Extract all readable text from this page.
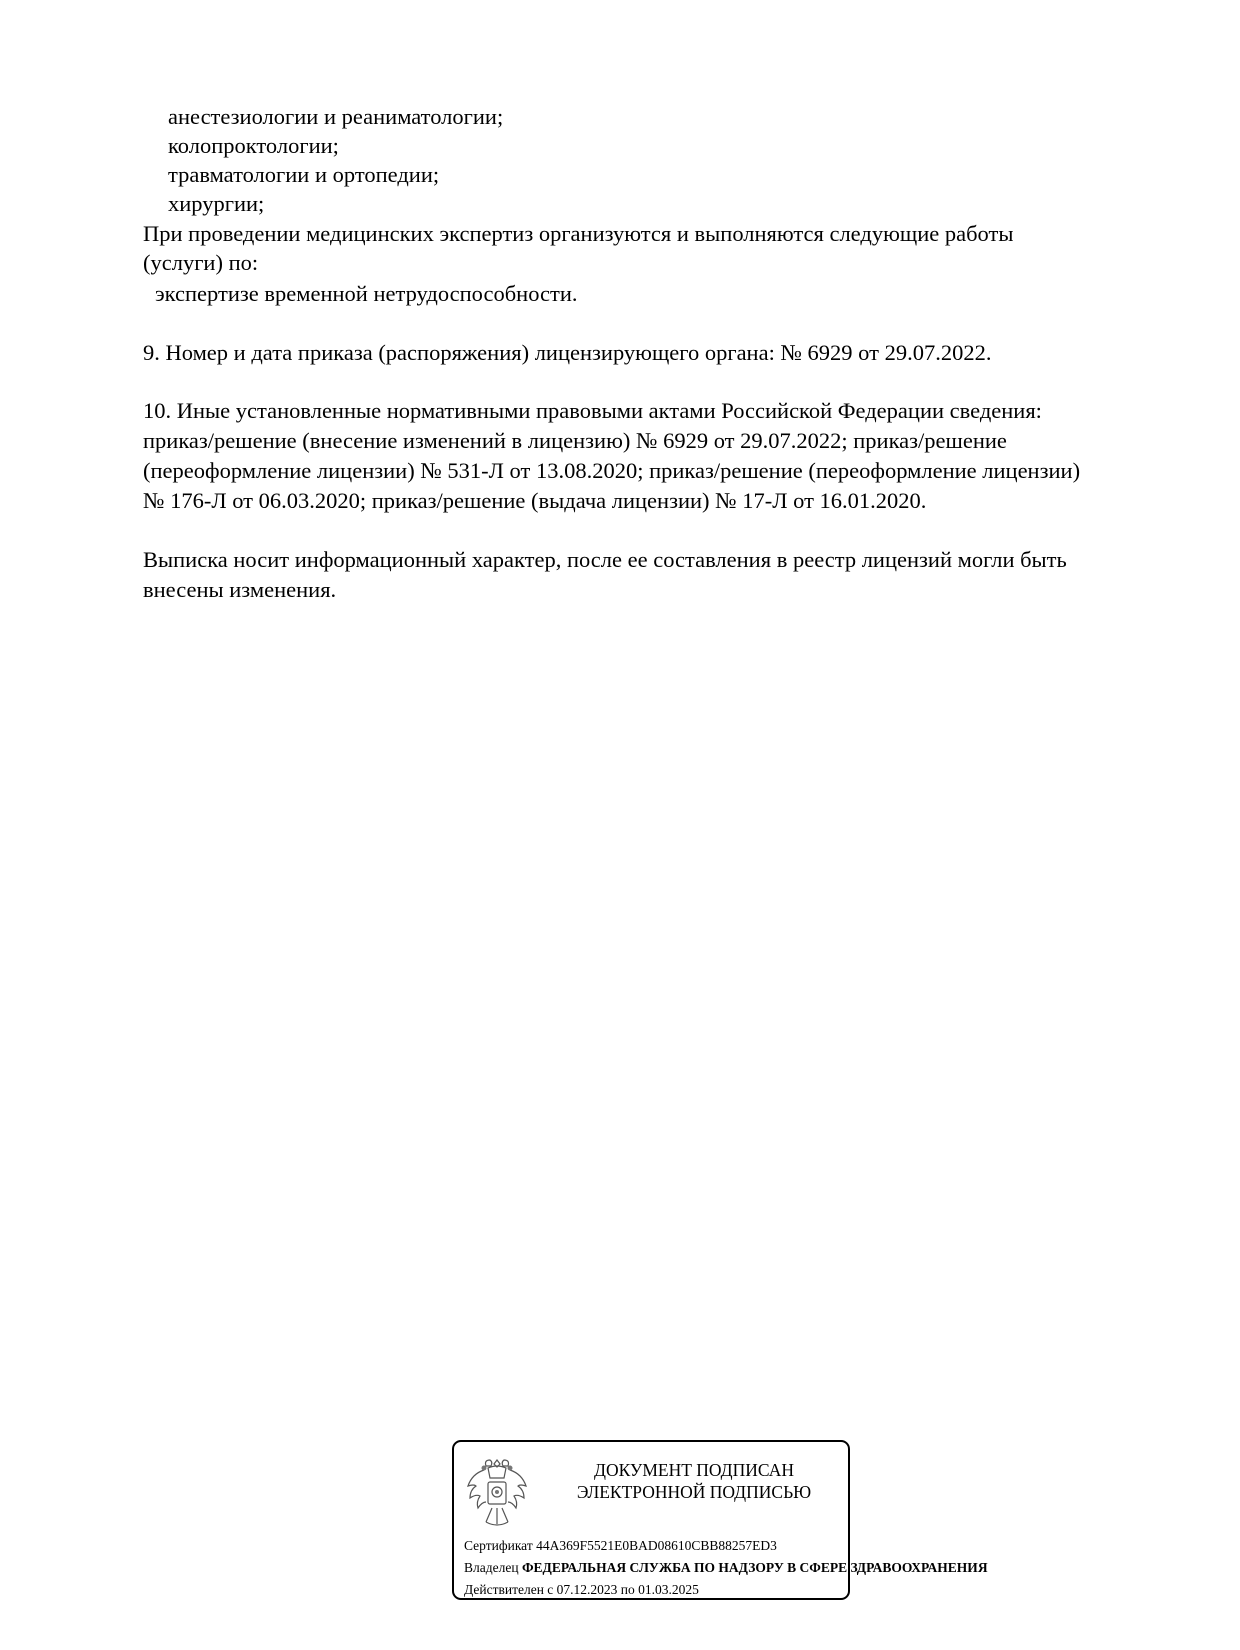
анестезиологии и реаниматологии;
колопроктологии;
травматологии и ортопедии;
хирургии;
При проведении медицинских экспертиз организуются и выполняются следующие работы
(услуги) по:
экспертизе временной нетрудоспособности.
9. Номер и дата приказа (распоряжения) лицензирующего органа: № 6929 от 29.07.2022.
10. Иные установленные нормативными правовыми актами Российской Федерации сведения:
приказ/решение (внесение изменений в лицензию) № 6929 от 29.07.2022; приказ/решение
(переоформление лицензии) № 531-Л от 13.08.2020; приказ/решение (переоформление лицензии)
№ 176-Л от 06.03.2020; приказ/решение (выдача лицензии) № 17-Л от 16.01.2020.
Выписка носит информационный характер, после ее составления в реестр лицензий могли быть
внесены изменения.
ДОКУМЕНТ ПОДПИСАН
ЭЛЕКТРОННОЙ ПОДПИСЬЮ
Сертификат 44A369F5521E0BAD08610CBB88257ED3
Владелец ФЕДЕРАЛЬНАЯ СЛУЖБА ПО НАДЗОРУ В СФЕРЕ ЗДРАВООХРАНЕНИЯ
Действителен с 07.12.2023 по 01.03.2025
